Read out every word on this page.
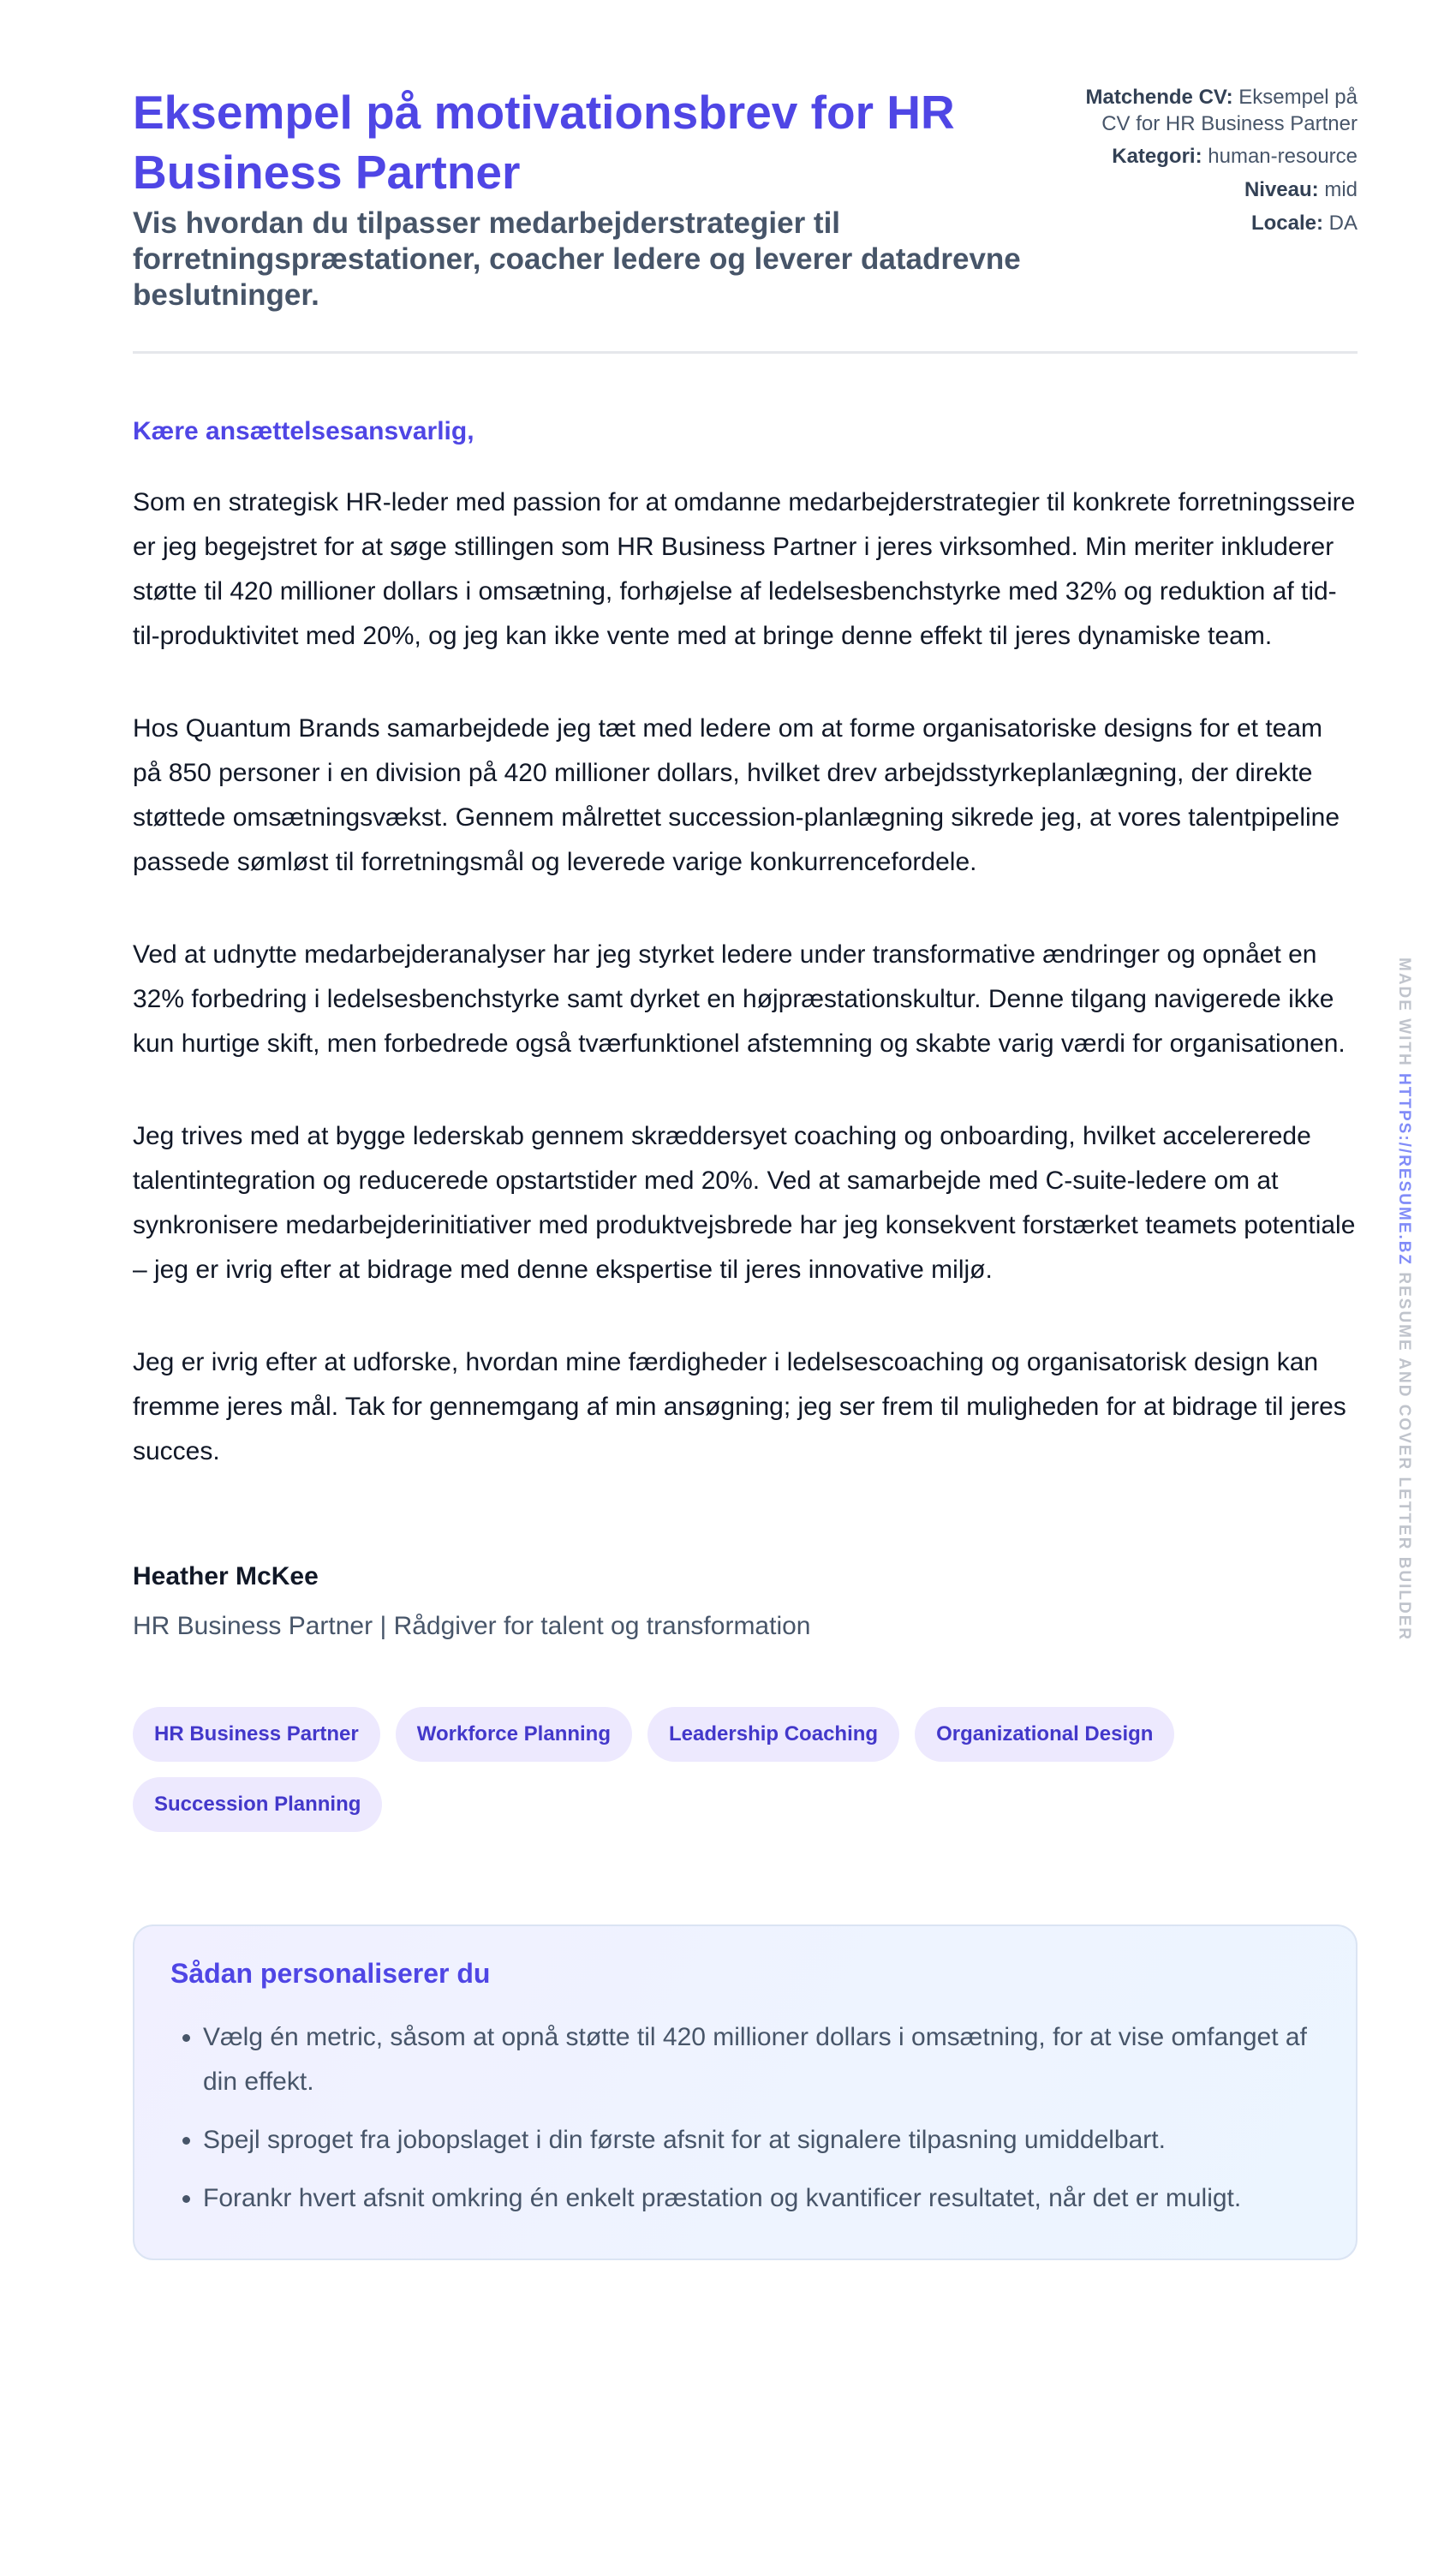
Eksempel på motivationsbrev for HR Business Partner
Vis hvordan du tilpasser medarbejderstrategier til forretningspræstationer, coacher ledere og leverer datadrevne beslutninger.
Matchende CV: Eksempel på CV for HR Business Partner
Kategori: human-resource
Niveau: mid
Locale: DA
Kære ansættelsesansvarlig,

Som en strategisk HR-leder med passion for at omdanne medarbejderstrategier til konkrete forretningsseire er jeg begejstret for at søge stillingen som HR Business Partner i jeres virksomhed. Min meriter inkluderer støtte til 420 millioner dollars i omsætning, forhøjelse af ledelsesbenchstyrke med 32% og reduktion af tid-til-produktivitet med 20%, og jeg kan ikke vente med at bringe denne effekt til jeres dynamiske team.

Hos Quantum Brands samarbejdede jeg tæt med ledere om at forme organisatoriske designs for et team på 850 personer i en division på 420 millioner dollars, hvilket drev arbejdsstyrkeplanlægning, der direkte støttede omsætningsvækst. Gennem målrettet succession-planlægning sikrede jeg, at vores talentpipeline passede sømløst til forretningsmål og leverede varige konkurrencefordele.

Ved at udnytte medarbejderanalyser har jeg styrket ledere under transformative ændringer og opnået en 32% forbedring i ledelsesbenchstyrke samt dyrket en højpræstationskultur. Denne tilgang navigerede ikke kun hurtige skift, men forbedrede også tværfunktionel afstemning og skabte varig værdi for organisationen.

Jeg trives med at bygge lederskab gennem skræddersyet coaching og onboarding, hvilket accelererede talentintegration og reducerede opstartstider med 20%. Ved at samarbejde med C-suite-ledere om at synkronisere medarbejderinitiativer med produktvejsbrede har jeg konsekvent forstærket teamets potentiale – jeg er ivrig efter at bidrage med denne ekspertise til jeres innovative miljø.

Jeg er ivrig efter at udforske, hvordan mine færdigheder i ledelsescoaching og organisatorisk design kan fremme jeres mål. Tak for gennemgang af min ansøgning; jeg ser frem til muligheden for at bidrage til jeres succes.

Heather McKee
HR Business Partner | Rådgiver for talent og transformation
HR Business Partner	Workforce Planning	Leadership Coaching	Organizational Design
Succession Planning
Sådan personaliserer du
• Vælg én metric, såsom at opnå støtte til 420 millioner dollars i omsætning, for at vise omfanget af din effekt.
• Spejl sproget fra jobopslaget i din første afsnit for at signalere tilpasning umiddelbart.
• Forankr hvert afsnit omkring én enkelt præstation og kvantificer resultatet, når det er muligt.
MADE WITH HTTPS://RESUME.BZ RESUME AND COVER LETTER BUILDER
